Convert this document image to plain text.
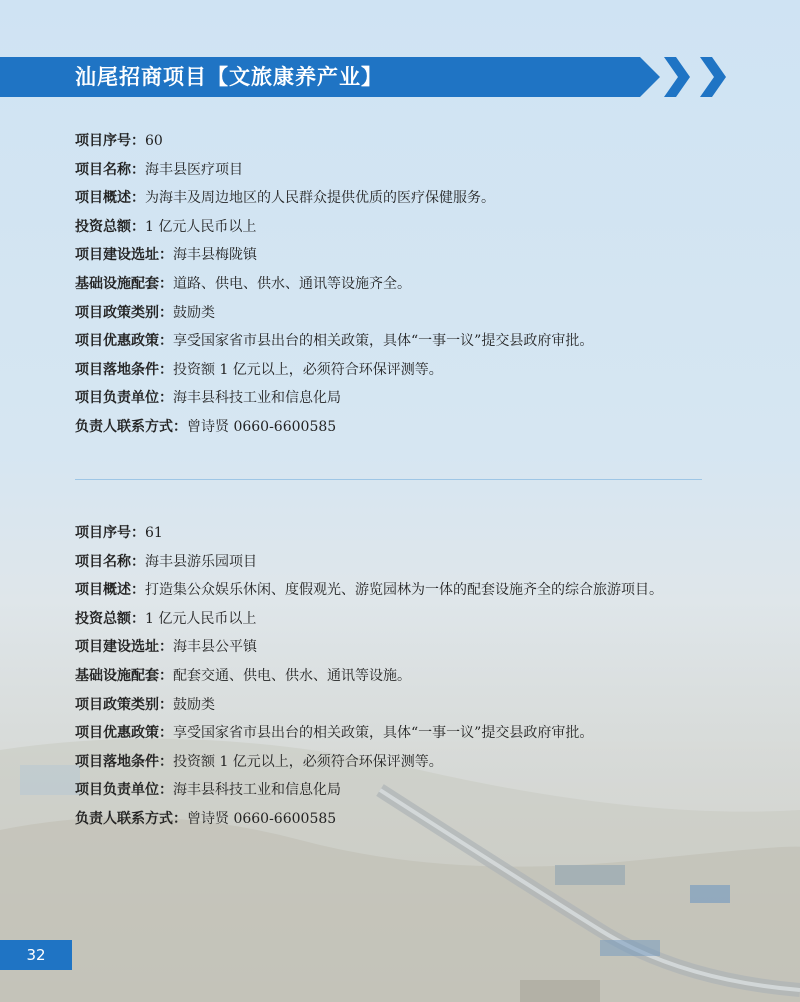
汕尾招商项目【文旅康养产业】
项目序号： 60
项目名称： 海丰县医疗项目
项目概述： 为海丰及周边地区的人民群众提供优质的医疗保健服务。
投资总额： 1 亿元人民币以上
项目建设选址： 海丰县梅陇镇
基础设施配套： 道路、供电、供水、通讯等设施齐全。
项目政策类别： 鼓励类
项目优惠政策： 享受国家省市县出台的相关政策，具体“一事一议”提交县政府审批。
项目落地条件： 投资额 1 亿元以上，必须符合环保评测等。
项目负责单位： 海丰县科技工业和信息化局
负责人联系方式： 曾诗贤 0660-6600585
项目序号： 61
项目名称： 海丰县游乐园项目
项目概述： 打造集公众娱乐休闲、度假观光、游览园林为一体的配套设施齐全的综合旅游项目。
投资总额： 1 亿元人民币以上
项目建设选址： 海丰县公平镇
基础设施配套： 配套交通、供电、供水、通讯等设施。
项目政策类别： 鼓励类
项目优惠政策： 享受国家省市县出台的相关政策，具体“一事一议”提交县政府审批。
项目落地条件： 投资额 1 亿元以上，必须符合环保评测等。
项目负责单位： 海丰县科技工业和信息化局
负责人联系方式： 曾诗贤 0660-6600585
32
